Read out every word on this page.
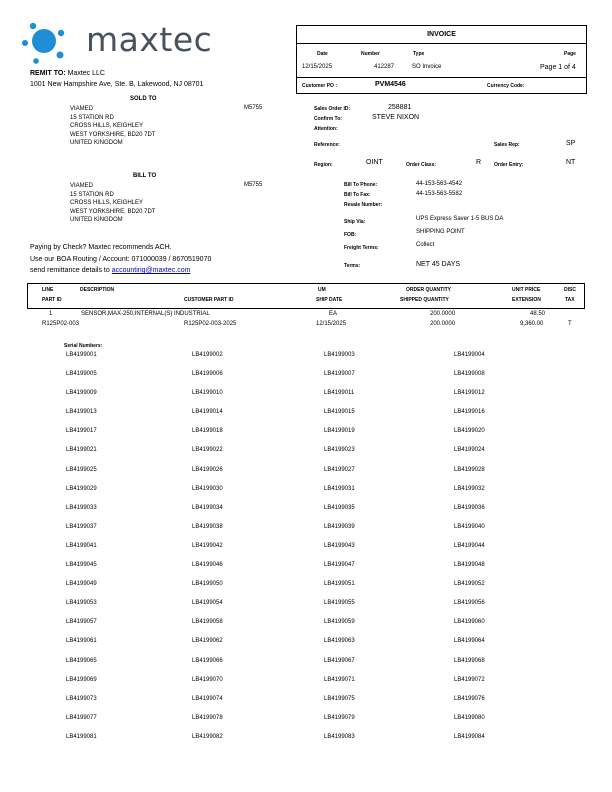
maxtec
REMIT TO: Maxtec LLC
1001 New Hampshire Ave, Ste. B, Lakewood, NJ 08701
SOLD TO
VIAMED
15 STATION RD
CROSS HILLS, KEIGHLEY
WEST YORKSHIRE, BD20 7DT
UNITED KINGDOM
M5755
BILL TO
VIAMED
15 STATION RD
CROSS HILLS, KEIGHLEY
WEST YORKSHIRE, BD20 7DT
UNITED KINGDOM
M5755
Paying by Check? Maxtec recommends ACH.
Use our BOA Routing / Account: 071000039 / 8670519070
send remittance details to accounting@maxtec.com
INVOICE
Date	Number	Type	Page
12/15/2025	412287	SO Invoice	Page 1 of 4
Customer PO :	PVM4546	Currency Code:
Sales Order ID:	258881
Confirm To:	STEVE NIXON
Attention:
Reference:	Sales Rep:	SP
Region:	OINT	Order Class:	R	Order Entry:	NT
Bill To Phone:	44-153-563-4542
Bill To Fax:	44-153-563-5582
Resale Number:
Ship Via:	UPS Express Saver 1-5 BUS DA
FOB:	SHIPPING POINT
Freight Terms:	Collect
Terms:	NET 45 DAYS
LINE	DESCRIPTION	UM	ORDER QUANTITY	UNIT PRICE	DISC
PART ID	CUSTOMER PART ID	SHIP DATE	SHIPPED QUANTITY	EXTENSION	TAX
1	SENSOR,MAX-250,INTERNAL(S) INDUSTRIAL	EA	200.0000	48.50
R125P02-003	R125P02-003-2025	12/15/2025	200.0000	9,360.00	T
Serial Numbers:
LB4199001	LB4199002	LB4199003	LB4199004
LB4199005	LB4199006	LB4199007	LB4199008
LB4199009	LB4199010	LB4199011	LB4199012
LB4199013	LB4199014	LB4199015	LB4199016
LB4199017	LB4199018	LB4199019	LB4199020
LB4199021	LB4199022	LB4199023	LB4199024
LB4199025	LB4199026	LB4199027	LB4199028
LB4199029	LB4199030	LB4199031	LB4199032
LB4199033	LB4199034	LB4199035	LB4199036
LB4199037	LB4199038	LB4199039	LB4199040
LB4199041	LB4199042	LB4199043	LB4199044
LB4199045	LB4199046	LB4199047	LB4199048
LB4199049	LB4199050	LB4199051	LB4199052
LB4199053	LB4199054	LB4199055	LB4199056
LB4199057	LB4199058	LB4199059	LB4199060
LB4199061	LB4199062	LB4199063	LB4199064
LB4199065	LB4199066	LB4199067	LB4199068
LB4199069	LB4199070	LB4199071	LB4199072
LB4199073	LB4199074	LB4199075	LB4199076
LB4199077	LB4199078	LB4199079	LB4199080
LB4199081	LB4199082	LB4199083	LB4199084
